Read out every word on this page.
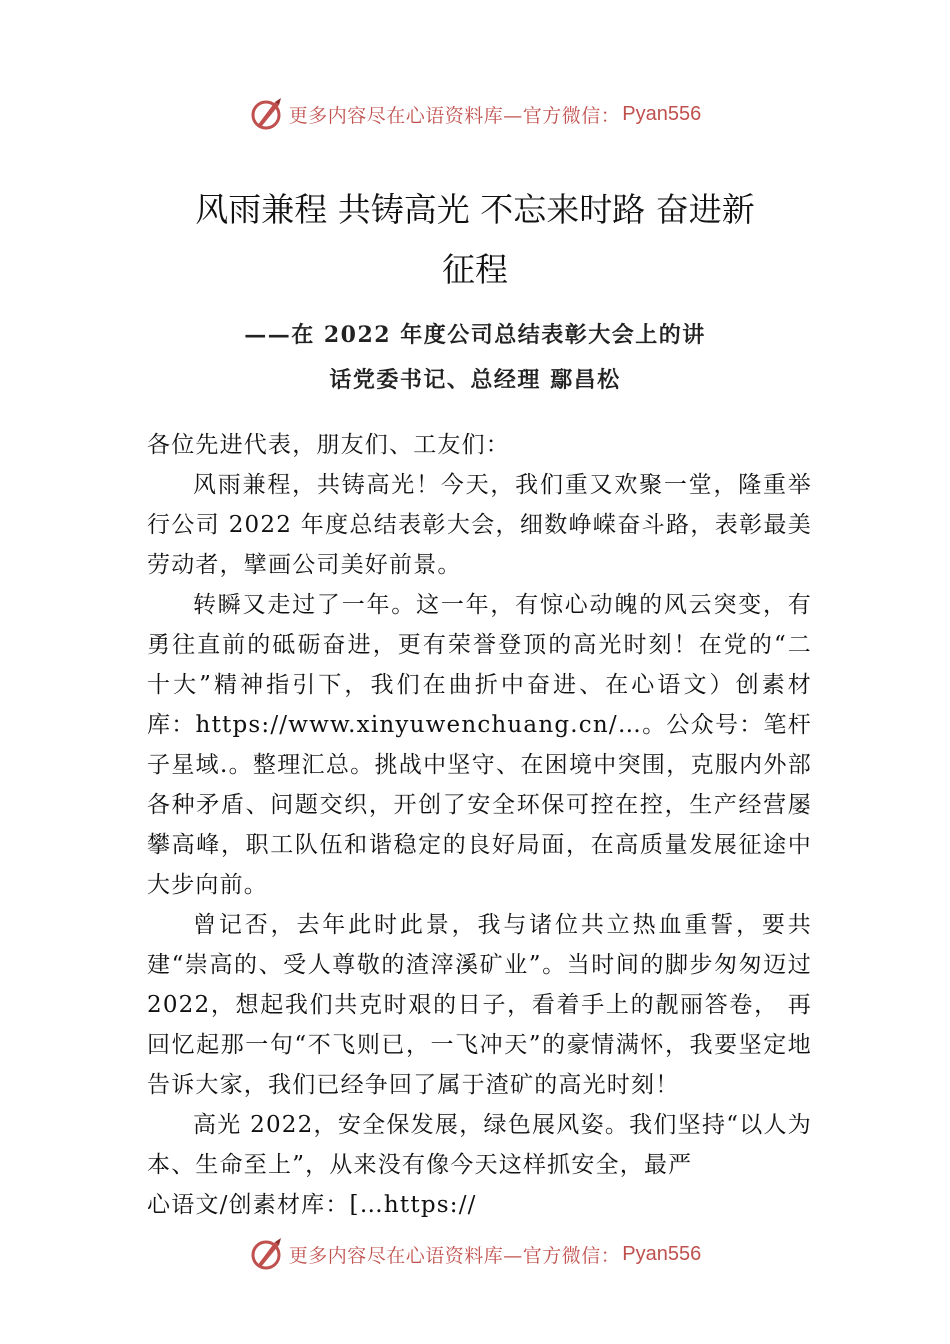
更多内容尽在心语资料库—官方微信： Pyan556
风雨兼程 共铸高光 不忘来时路 奋进新
征程
——在 2022 年度公司总结表彰大会上的讲
话党委书记、总经理 鄢昌松

各位先进代表，朋友们、工友们：

风雨兼程，共铸高光！今天，我们重又欢聚一堂，隆重举行公司 2022 年度总结表彰大会，细数峥嵘奋斗路，表彰最美劳动者，擘画公司美好前景。

转瞬又走过了一年。这一年，有惊心动魄的风云突变，有勇往直前的砥砺奋进，更有荣誉登顶的高光时刻！在党的“二十大”精神指引下，我们在曲折中奋进、在心语文）创素材库：https://www.xinyuwenchuang.cn/…。公众号：笔杆子星域.。整理汇总。挑战中坚守、在困境中突围，克服内外部各种矛盾、问题交织，开创了安全环保可控在控，生产经营屡攀高峰，职工队伍和谐稳定的良好局面，在高质量发展征途中大步向前。

曾记否，去年此时此景，我与诸位共立热血重誓，要共建“崇高的、受人尊敬的渣滓溪矿业”。当时间的脚步匆匆迈过 2022，想起我们共克时艰的日子，看着手上的靓丽答卷， 再回忆起那一句“不飞则已，一飞冲天”的豪情满怀，我要坚定地告诉大家，我们已经争回了属于渣矿的高光时刻！

高光 2022，安全保发展，绿色展风姿。我们坚持“以人为本、生命至上”，从来没有像今天这样抓安全，最严

心语文/创素材库：[…https://

更多内容尽在心语资料库—官方微信： Pyan556
